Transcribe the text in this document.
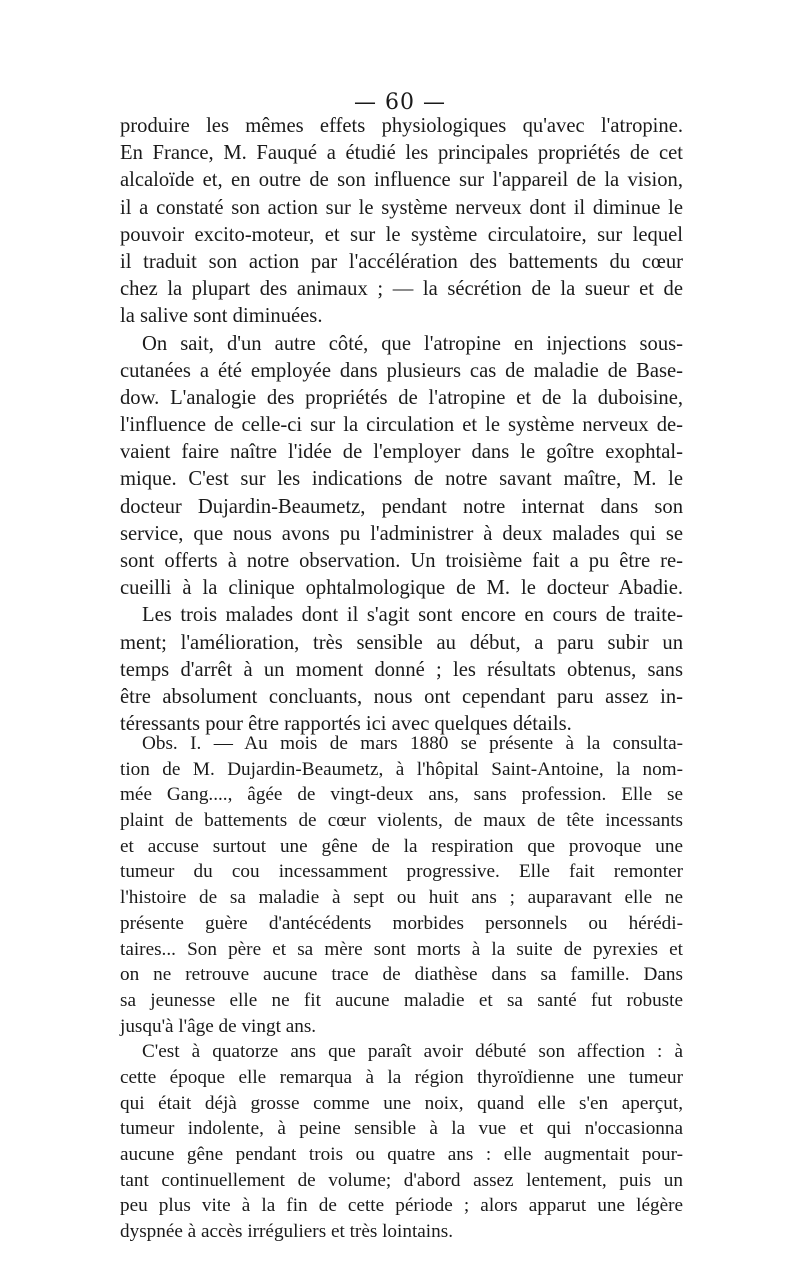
— 60 —
produire les mêmes effets physiologiques qu'avec l'atropine.
En France, M. Fauqué a étudié les principales propriétés de cet
alcaloïde et, en outre de son influence sur l'appareil de la vision,
il a constaté son action sur le système nerveux dont il diminue le
pouvoir excito-moteur, et sur le système circulatoire, sur lequel
il traduit son action par l'accélération des battements du cœur
chez la plupart des animaux ; — la sécrétion de la sueur et de
la salive sont diminuées.
On sait, d'un autre côté, que l'atropine en injections sous-
cutanées a été employée dans plusieurs cas de maladie de Base-
dow. L'analogie des propriétés de l'atropine et de la duboisine,
l'influence de celle-ci sur la circulation et le système nerveux de-
vaient faire naître l'idée de l'employer dans le goître exophtal-
mique. C'est sur les indications de notre savant maître, M. le
docteur Dujardin-Beaumetz, pendant notre internat dans son
service, que nous avons pu l'administrer à deux malades qui se
sont offerts à notre observation. Un troisième fait a pu être re-
cueilli à la clinique ophtalmologique de M. le docteur Abadie.
Les trois malades dont il s'agit sont encore en cours de traite-
ment; l'amélioration, très sensible au début, a paru subir un
temps d'arrêt à un moment donné ; les résultats obtenus, sans
être absolument concluants, nous ont cependant paru assez in-
téressants pour être rapportés ici avec quelques détails.
Obs. I. — Au mois de mars 1880 se présente à la consulta-
tion de M. Dujardin-Beaumetz, à l'hôpital Saint-Antoine, la nom-
mée Gang...., âgée de vingt-deux ans, sans profession. Elle se
plaint de battements de cœur violents, de maux de tête incessants
et accuse surtout une gêne de la respiration que provoque une
tumeur du cou incessamment progressive. Elle fait remonter
l'histoire de sa maladie à sept ou huit ans ; auparavant elle ne
présente guère d'antécédents morbides personnels ou hérédi-
taires... Son père et sa mère sont morts à la suite de pyrexies et
on ne retrouve aucune trace de diathèse dans sa famille. Dans
sa jeunesse elle ne fit aucune maladie et sa santé fut robuste
jusqu'à l'âge de vingt ans.
C'est à quatorze ans que paraît avoir débuté son affection : à
cette époque elle remarqua à la région thyroïdienne une tumeur
qui était déjà grosse comme une noix, quand elle s'en aperçut,
tumeur indolente, à peine sensible à la vue et qui n'occasionna
aucune gêne pendant trois ou quatre ans : elle augmentait pour-
tant continuellement de volume; d'abord assez lentement, puis un
peu plus vite à la fin de cette période ; alors apparut une légère
dyspnée à accès irréguliers et très lointains.
